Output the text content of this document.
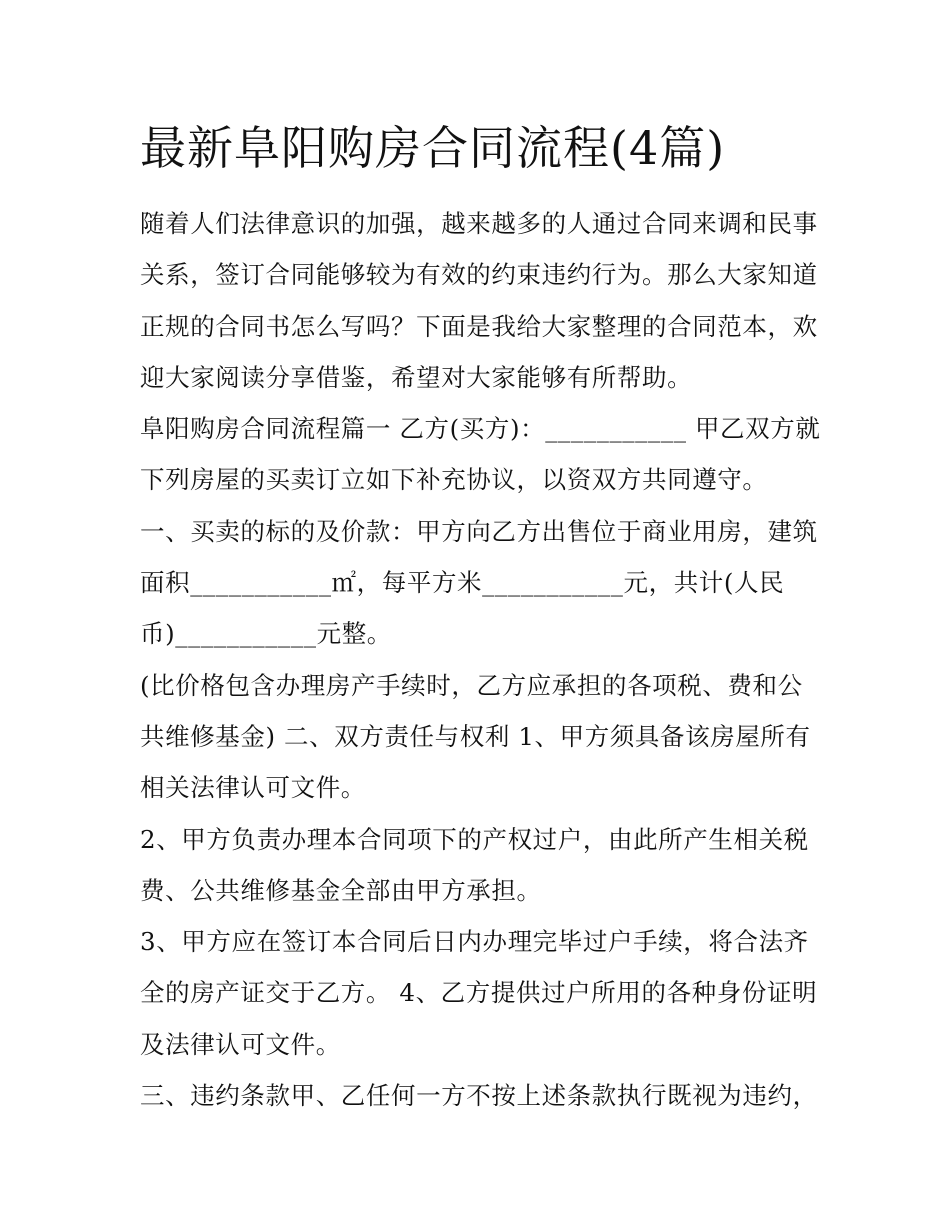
最新阜阳购房合同流程(4篇)

随着人们法律意识的加强，越来越多的人通过合同来调和民事
关系，签订合同能够较为有效的约束违约行为。那么大家知道
正规的合同书怎么写吗？下面是我给大家整理的合同范本，欢
迎大家阅读分享借鉴，希望对大家能够有所帮助。

阜阳购房合同流程篇一 乙方(买方)：___________ 甲乙双方就
下列房屋的买卖订立如下补充协议，以资双方共同遵守。

一、买卖的标的及价款：甲方向乙方出售位于商业用房，建筑
面积___________㎡，每平方米___________元，共计(人民
币)___________元整。

(比价格包含办理房产手续时，乙方应承担的各项税、费和公
共维修基金) 二、双方责任与权利 1、甲方须具备该房屋所有
相关法律认可文件。

2、甲方负责办理本合同项下的产权过户，由此所产生相关税
费、公共维修基金全部由甲方承担。

3、甲方应在签订本合同后日内办理完毕过户手续，将合法齐
全的房产证交于乙方。 4、乙方提供过户所用的各种身份证明
及法律认可文件。

三、违约条款甲、乙任何一方不按上述条款执行既视为违约，
